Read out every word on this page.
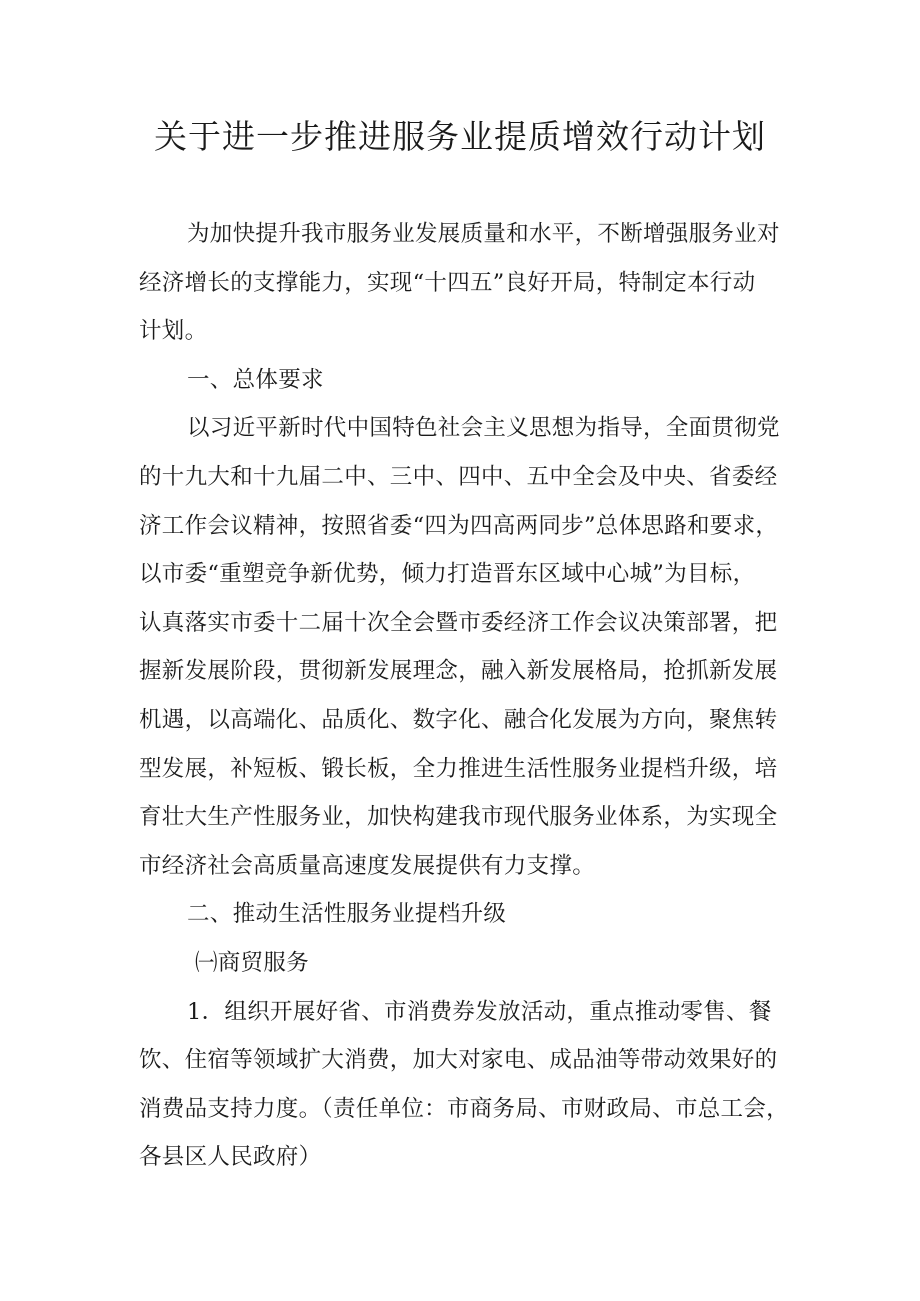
关于进一步推进服务业提质增效行动计划

为加快提升我市服务业发展质量和水平，不断增强服务业对

经济增长的支撑能力，实现“十四五”良好开局，特制定本行动

计划。

一、总体要求

以习近平新时代中国特色社会主义思想为指导，全面贯彻党

的十九大和十九届二中、三中、四中、五中全会及中央、省委经

济工作会议精神，按照省委“四为四高两同步”总体思路和要求，

以市委“重塑竞争新优势，倾力打造晋东区域中心城”为目标，

认真落实市委十二届十次全会暨市委经济工作会议决策部署，把

握新发展阶段，贯彻新发展理念，融入新发展格局，抢抓新发展

机遇，以高端化、品质化、数字化、融合化发展为方向，聚焦转

型发展，补短板、锻长板，全力推进生活性服务业提档升级，培

育壮大生产性服务业，加快构建我市现代服务业体系，为实现全

市经济社会高质量高速度发展提供有力支撑。

二、推动生活性服务业提档升级

㈠商贸服务

1．组织开展好省、市消费券发放活动，重点推动零售、餐

饮、住宿等领域扩大消费，加大对家电、成品油等带动效果好的

消费品支持力度。（责任单位：市商务局、市财政局、市总工会，

各县区人民政府）
